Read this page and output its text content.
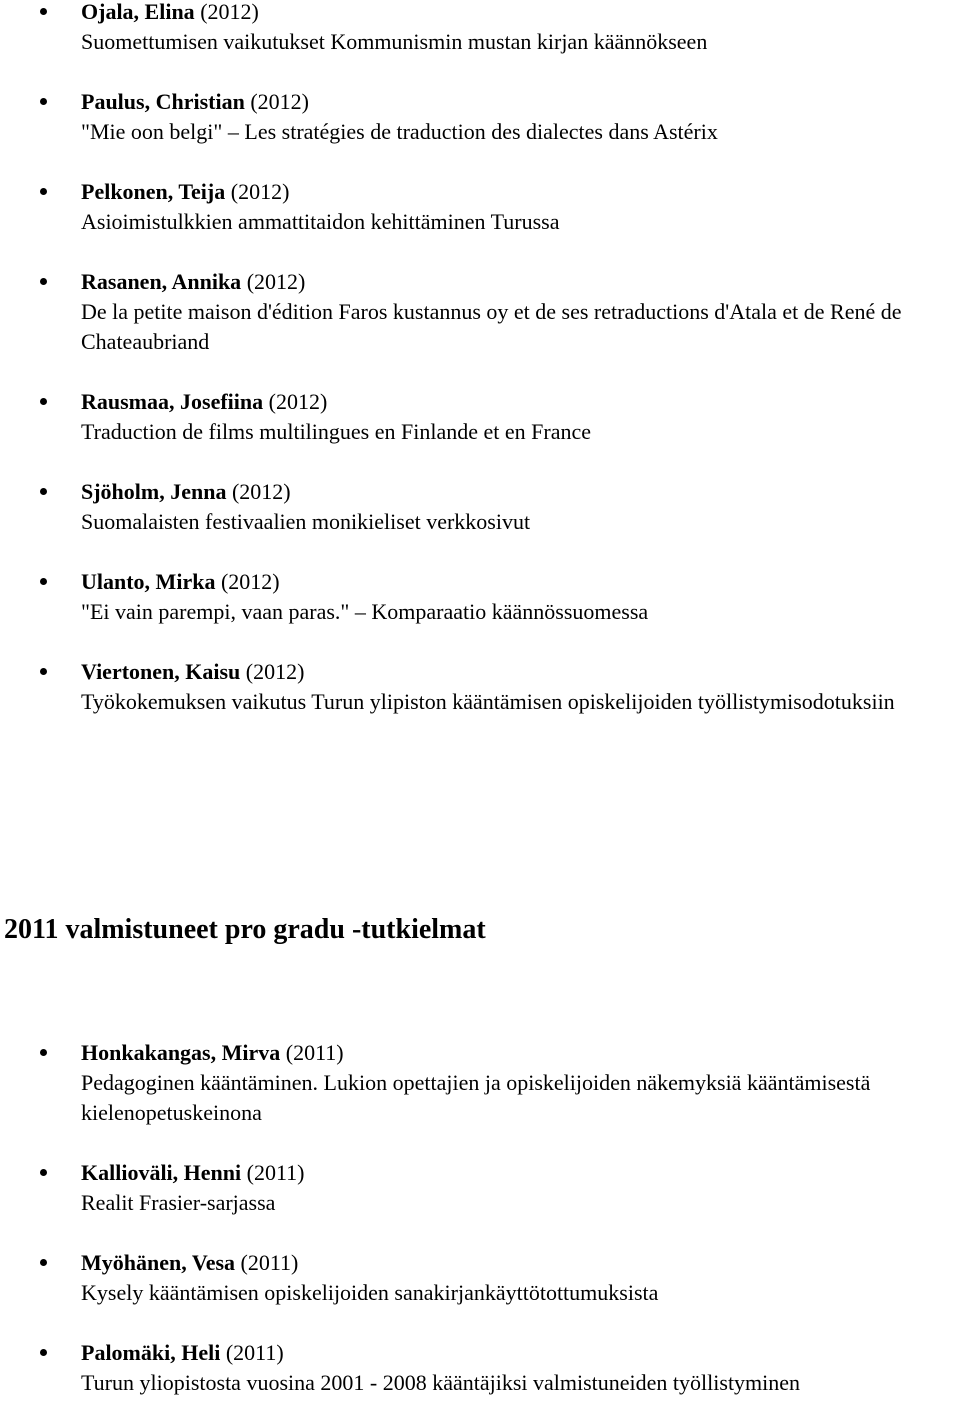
Ojala, Elina (2012)
Suomettumisen vaikutukset Kommunismin mustan kirjan käännökseen
Paulus, Christian (2012)
"Mie oon belgi" – Les stratégies de traduction des dialectes dans Astérix
Pelkonen, Teija (2012)
Asioimistulkkien ammattitaidon kehittäminen Turussa
Rasanen, Annika (2012)
De la petite maison d'édition Faros kustannus oy et de ses retraductions d'Atala et de René de Chateaubriand
Rausmaa, Josefiina (2012)
Traduction de films multilingues en Finlande et en France
Sjöholm, Jenna (2012)
Suomalaisten festivaalien monikieliset verkkosivut
Ulanto, Mirka (2012)
"Ei vain parempi, vaan paras." – Komparaatio käännössuomessa
Viertonen, Kaisu (2012)
Työkokemuksen vaikutus Turun ylipiston kääntämisen opiskelijoiden työllistymisodotuksiin
2011 valmistuneet pro gradu -tutkielmat
Honkakangas, Mirva (2011)
Pedagoginen kääntäminen. Lukion opettajien ja opiskelijoiden näkemyksiä kääntämisestä kielenopetuskeinona
Kallioväli, Henni (2011)
Realit Frasier-sarjassa
Myöhänen, Vesa (2011)
Kysely kääntämisen opiskelijoiden sanakirjankäyttötottumuksista
Palomäki, Heli (2011)
Turun yliopistosta vuosina 2001 - 2008 kääntäjiksi valmistuneiden työllistyminen
